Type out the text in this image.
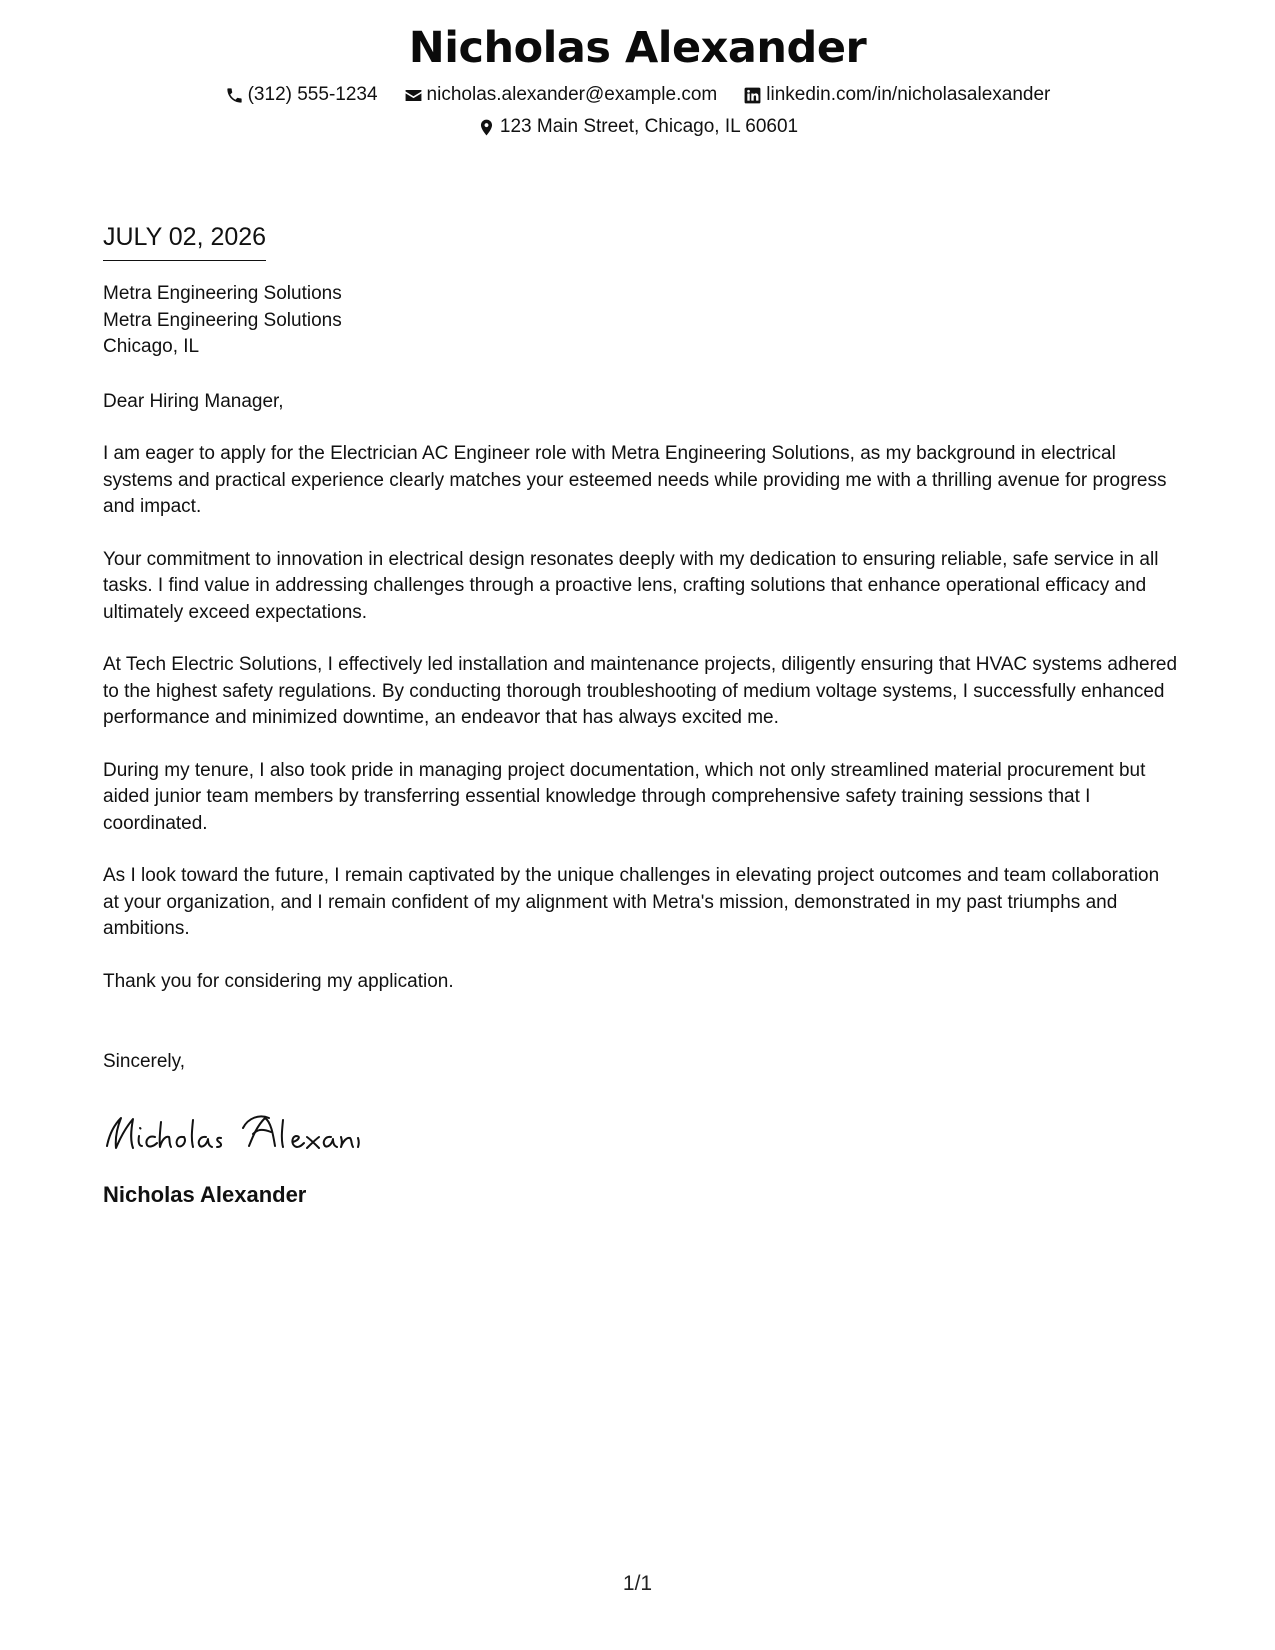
Nicholas Alexander
(312) 555-1234	nicholas.alexander@example.com	linkedin.com/in/nicholasalexander
123 Main Street, Chicago, IL 60601
JULY 02, 2026
Metra Engineering Solutions
Metra Engineering Solutions
Chicago, IL
Dear Hiring Manager,

I am eager to apply for the Electrician AC Engineer role with Metra Engineering Solutions, as my background in electrical systems and practical experience clearly matches your esteemed needs while providing me with a thrilling avenue for progress and impact.

Your commitment to innovation in electrical design resonates deeply with my dedication to ensuring reliable, safe service in all tasks. I find value in addressing challenges through a proactive lens, crafting solutions that enhance operational efficacy and ultimately exceed expectations.

At Tech Electric Solutions, I effectively led installation and maintenance projects, diligently ensuring that HVAC systems adhered to the highest safety regulations. By conducting thorough troubleshooting of medium voltage systems, I successfully enhanced performance and minimized downtime, an endeavor that has always excited me.

During my tenure, I also took pride in managing project documentation, which not only streamlined material procurement but aided junior team members by transferring essential knowledge through comprehensive safety training sessions that I coordinated.

As I look toward the future, I remain captivated by the unique challenges in elevating project outcomes and team collaboration at your organization, and I remain confident of my alignment with Metra's mission, demonstrated in my past triumphs and ambitions.

Thank you for considering my application.

Sincerely,
Nicholas Alexander
1/1
